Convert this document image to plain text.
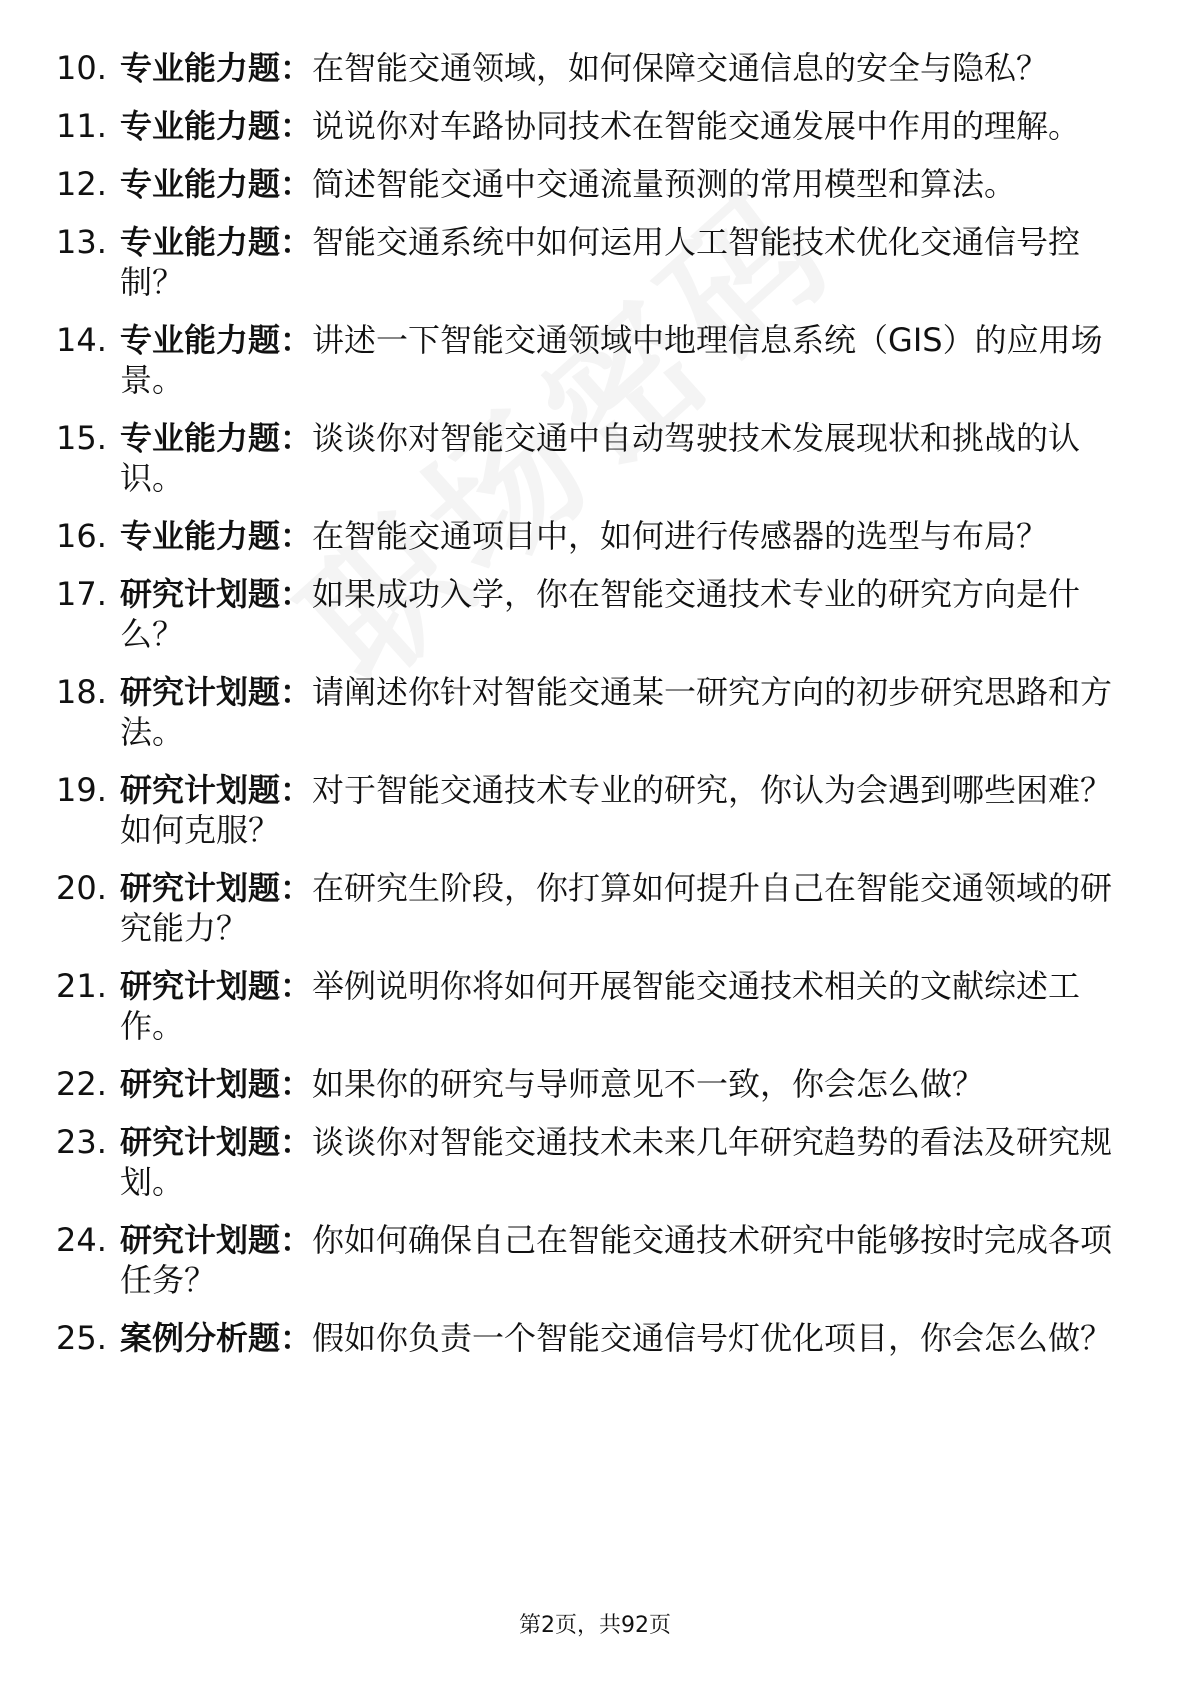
10. 专业能力题：在智能交通领域，如何保障交通信息的安全与隐私？
11. 专业能力题：说说你对车路协同技术在智能交通发展中作用的理解。
12. 专业能力题：简述智能交通中交通流量预测的常用模型和算法。
13. 专业能力题：智能交通系统中如何运用人工智能技术优化交通信号控制？
14. 专业能力题：讲述一下智能交通领域中地理信息系统（GIS）的应用场景。
15. 专业能力题：谈谈你对智能交通中自动驾驶技术发展现状和挑战的认识。
16. 专业能力题：在智能交通项目中，如何进行传感器的选型与布局？
17. 研究计划题：如果成功入学，你在智能交通技术专业的研究方向是什么？
18. 研究计划题：请阐述你针对智能交通某一研究方向的初步研究思路和方法。
19. 研究计划题：对于智能交通技术专业的研究，你认为会遇到哪些困难？如何克服？
20. 研究计划题：在研究生阶段，你打算如何提升自己在智能交通领域的研究能力？
21. 研究计划题：举例说明你将如何开展智能交通技术相关的文献综述工作。
22. 研究计划题：如果你的研究与导师意见不一致，你会怎么做？
23. 研究计划题：谈谈你对智能交通技术未来几年研究趋势的看法及研究规划。
24. 研究计划题：你如何确保自己在智能交通技术研究中能够按时完成各项任务？
25. 案例分析题：假如你负责一个智能交通信号灯优化项目，你会怎么做？
第2页，共92页
